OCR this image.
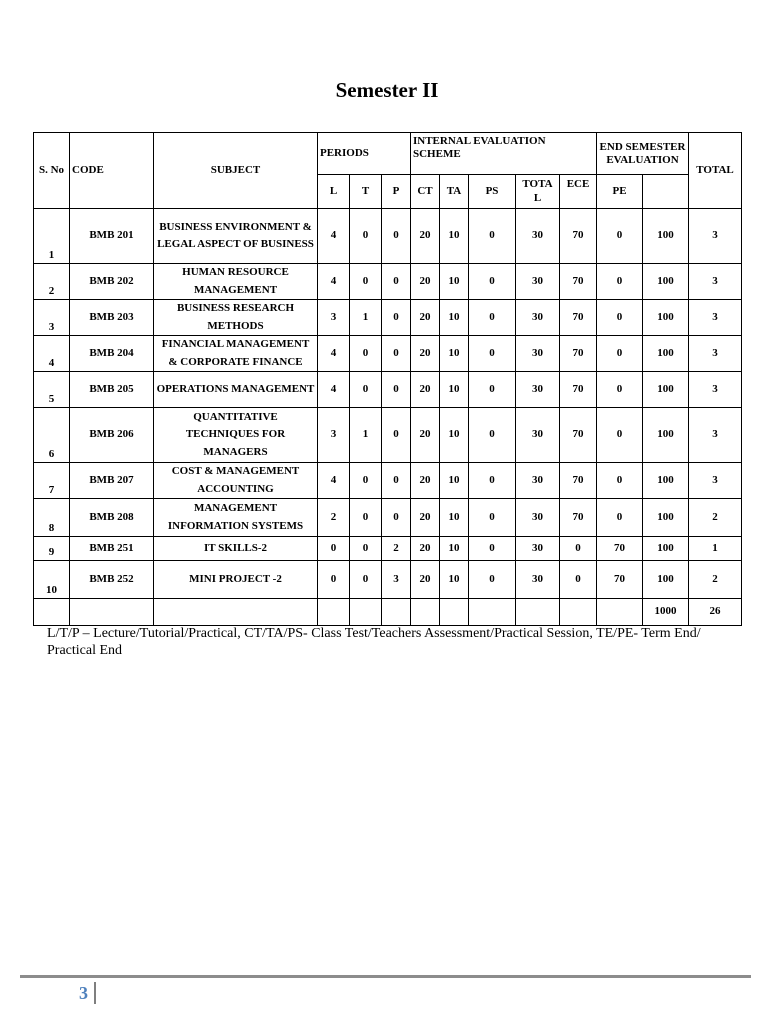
Semester II
S. No	CODE	SUBJECT	PERIODS			INTERNAL EVALUATION SCHEME					END SEMESTER EVALUATION		TOTAL	
			L	T	P	CT	TA	PS	TOTA L	ECE	PE			
1	BMB 201	BUSINESS ENVIRONMENT & LEGAL ASPECT OF BUSINESS	4	0	0	20	10	0	30	70	0	100	3	
2	BMB 202	HUMAN RESOURCE MANAGEMENT	4	0	0	20	10	0	30	70	0	100	3	
3	BMB 203	BUSINESS RESEARCH METHODS	3	1	0	20	10	0	30	70	0	100	3	
4	BMB 204	FINANCIAL MANAGEMENT & CORPORATE FINANCE	4	0	0	20	10	0	30	70	0	100	3	
5	BMB 205	OPERATIONS MANAGEMENT	4	0	0	20	10	0	30	70	0	100	3	
6	BMB 206	QUANTITATIVE TECHNIQUES FOR MANAGERS	3	1	0	20	10	0	30	70	0	100	3	
7	BMB 207	COST & MANAGEMENT ACCOUNTING	4	0	0	20	10	0	30	70	0	100	3	
8	BMB 208	MANAGEMENT INFORMATION SYSTEMS	2	0	0	20	10	0	30	70	0	100	2	
9	BMB 251	IT SKILLS-2	0	0	2	20	10	0	30	0	70	100	1	
10	BMB 252	MINI PROJECT -2	0	0	3	20	10	0	30	0	70	100	2	
												1000	26	
L/T/P – Lecture/Tutorial/Practical, CT/TA/PS- Class Test/Teachers Assessment/Practical Session, TE/PE- Term End/ Practical End
3
